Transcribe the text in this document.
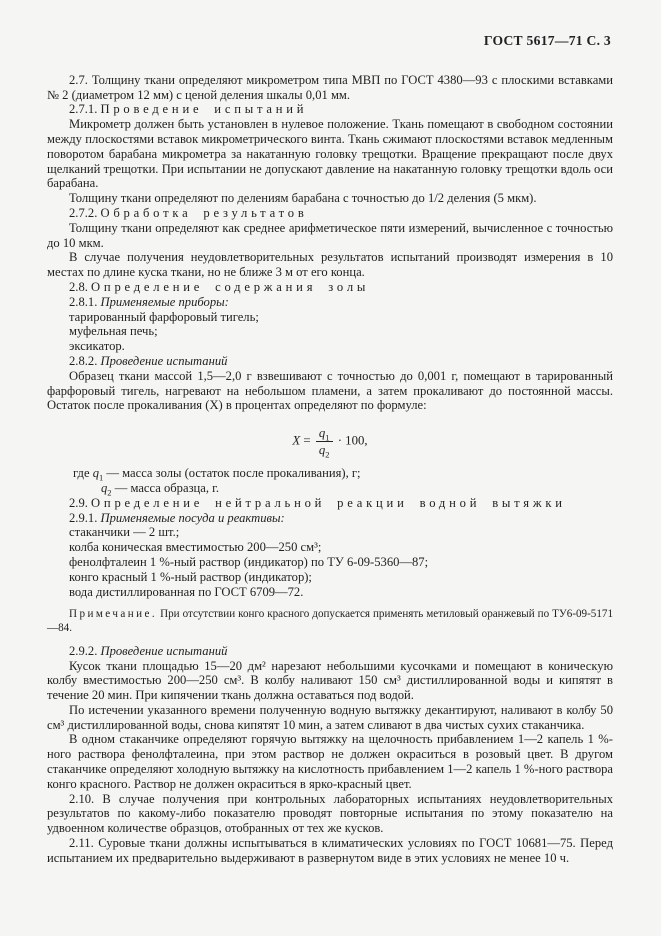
ГОСТ 5617—71 С. 3

2.7. Толщину ткани определяют микрометром типа МВП по ГОСТ 4380—93 с плоскими вставками № 2 (диаметром 12 мм) с ценой деления шкалы 0,01 мм.

2.7.1. Проведение испытаний

Микрометр должен быть установлен в нулевое положение. Ткань помещают в свободном состоянии между плоскостями вставок микрометрического винта. Ткань сжимают плоскостями вставок медленным поворотом барабана микрометра за накатанную головку трещотки. Вращение прекращают после двух щелканий трещотки. При испытании не допускают давление на накатанную головку трещотки вдоль оси барабана.

Толщину ткани определяют по делениям барабана с точностью до 1/2 деления (5 мкм).

2.7.2. Обработка результатов

Толщину ткани определяют как среднее арифметическое пяти измерений, вычисленное с точностью до 10 мкм.

В случае получения неудовлетворительных результатов испытаний производят измерения в 10 местах по длине куска ткани, но не ближе 3 м от его конца.

2.8. Определение содержания золы

2.8.1. Применяемые приборы:

тарированный фарфоровый тигель;

муфельная печь;

эксикатор.

2.8.2. Проведение испытаний

Образец ткани массой 1,5—2,0 г взвешивают с точностью до 0,001 г, помещают в тарированный фарфоровый тигель, нагревают на небольшом пламени, а затем прокаливают до постоянной массы. Остаток после прокаливания (X) в процентах определяют по формуле:

$X = \frac{q_1}{q_2} \cdot 100$,

где $q_1$ — масса золы (остаток после прокаливания), г;

$q_2$ — масса образца, г.

2.9. Определение нейтральной реакции водной вытяжки

2.9.1. Применяемые посуда и реактивы:

стаканчики — 2 шт.;

колба коническая вместимостью 200—250 см³;

фенолфталеин 1 %-ный раствор (индикатор) по ТУ 6-09-5360—87;

конго красный 1 %-ный раствор (индикатор);

вода дистиллированная по ГОСТ 6709—72.

Примечание. При отсутствии конго красного допускается применять метиловый оранжевый по ТУ6-09-5171—84.

2.9.2. Проведение испытаний

Кусок ткани площадью 15—20 дм² нарезают небольшими кусочками и помещают в коническую колбу вместимостью 200—250 см³. В колбу наливают 150 см³ дистиллированной воды и кипятят в течение 20 мин. При кипячении ткань должна оставаться под водой.

По истечении указанного времени полученную водную вытяжку декантируют, наливают в колбу 50 см³ дистиллированной воды, снова кипятят 10 мин, а затем сливают в два чистых сухих стаканчика.

В одном стаканчике определяют горячую вытяжку на щелочность прибавлением 1—2 капель 1 %-ного раствора фенолфталеина, при этом раствор не должен окраситься в розовый цвет. В другом стаканчике определяют холодную вытяжку на кислотность прибавлением 1—2 капель 1 %-ного раствора конго красного. Раствор не должен окраситься в ярко-красный цвет.

2.10. В случае получения при контрольных лабораторных испытаниях неудовлетворительных результатов по какому-либо показателю проводят повторные испытания по этому показателю на удвоенном количестве образцов, отобранных от тех же кусков.

2.11. Суровые ткани должны испытываться в климатических условиях по ГОСТ 10681—75. Перед испытанием их предварительно выдерживают в развернутом виде в этих условиях не менее 10 ч.
